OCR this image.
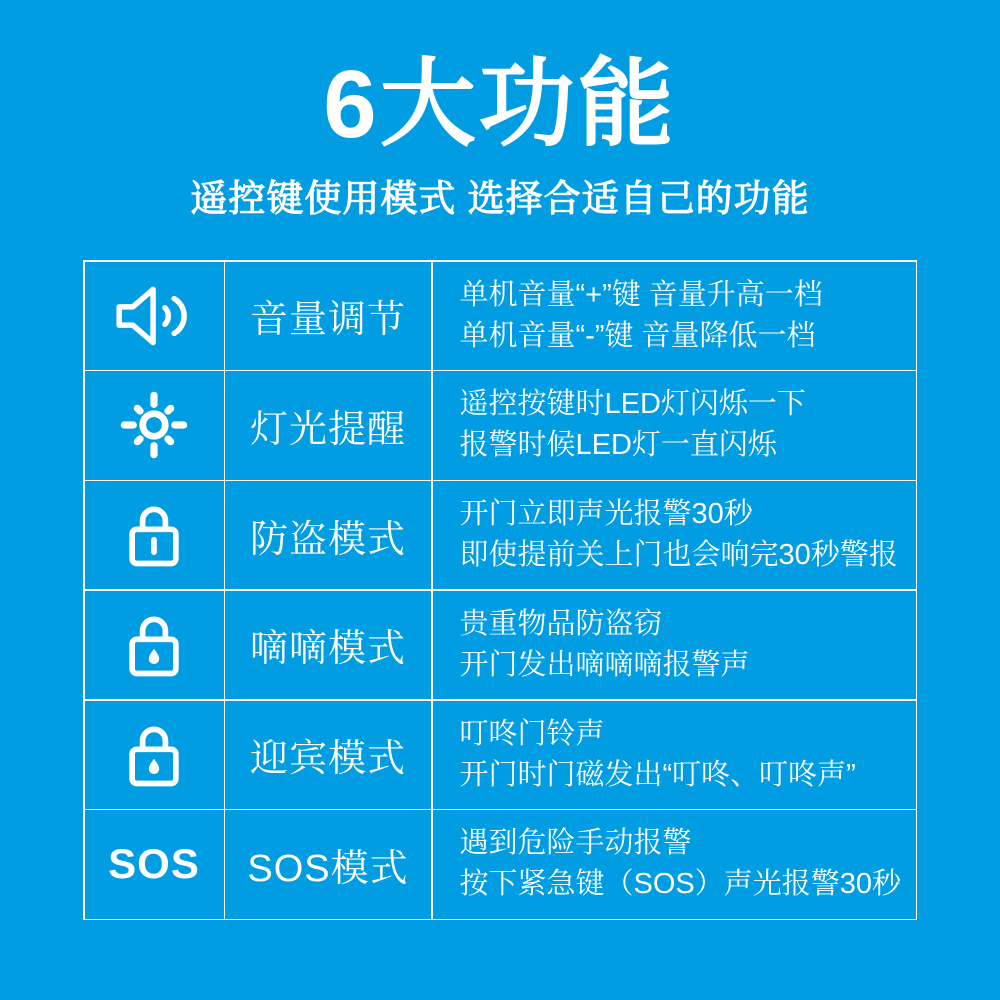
6大功能
遥控键使用模式 选择合适自己的功能
音量调节
单机音量“+”键 音量升高一档
单机音量“-”键 音量降低一档
灯光提醒
遥控按键时LED灯闪烁一下
报警时候LED灯一直闪烁
防盗模式
开门立即声光报警30秒
即使提前关上门也会响完30秒警报
嘀嘀模式
贵重物品防盗窃
开门发出嘀嘀嘀报警声
迎宾模式
叮咚门铃声
开门时门磁发出“叮咚、叮咚声”
SOS	SOS模式
遇到危险手动报警
按下紧急键（SOS）声光报警30秒
